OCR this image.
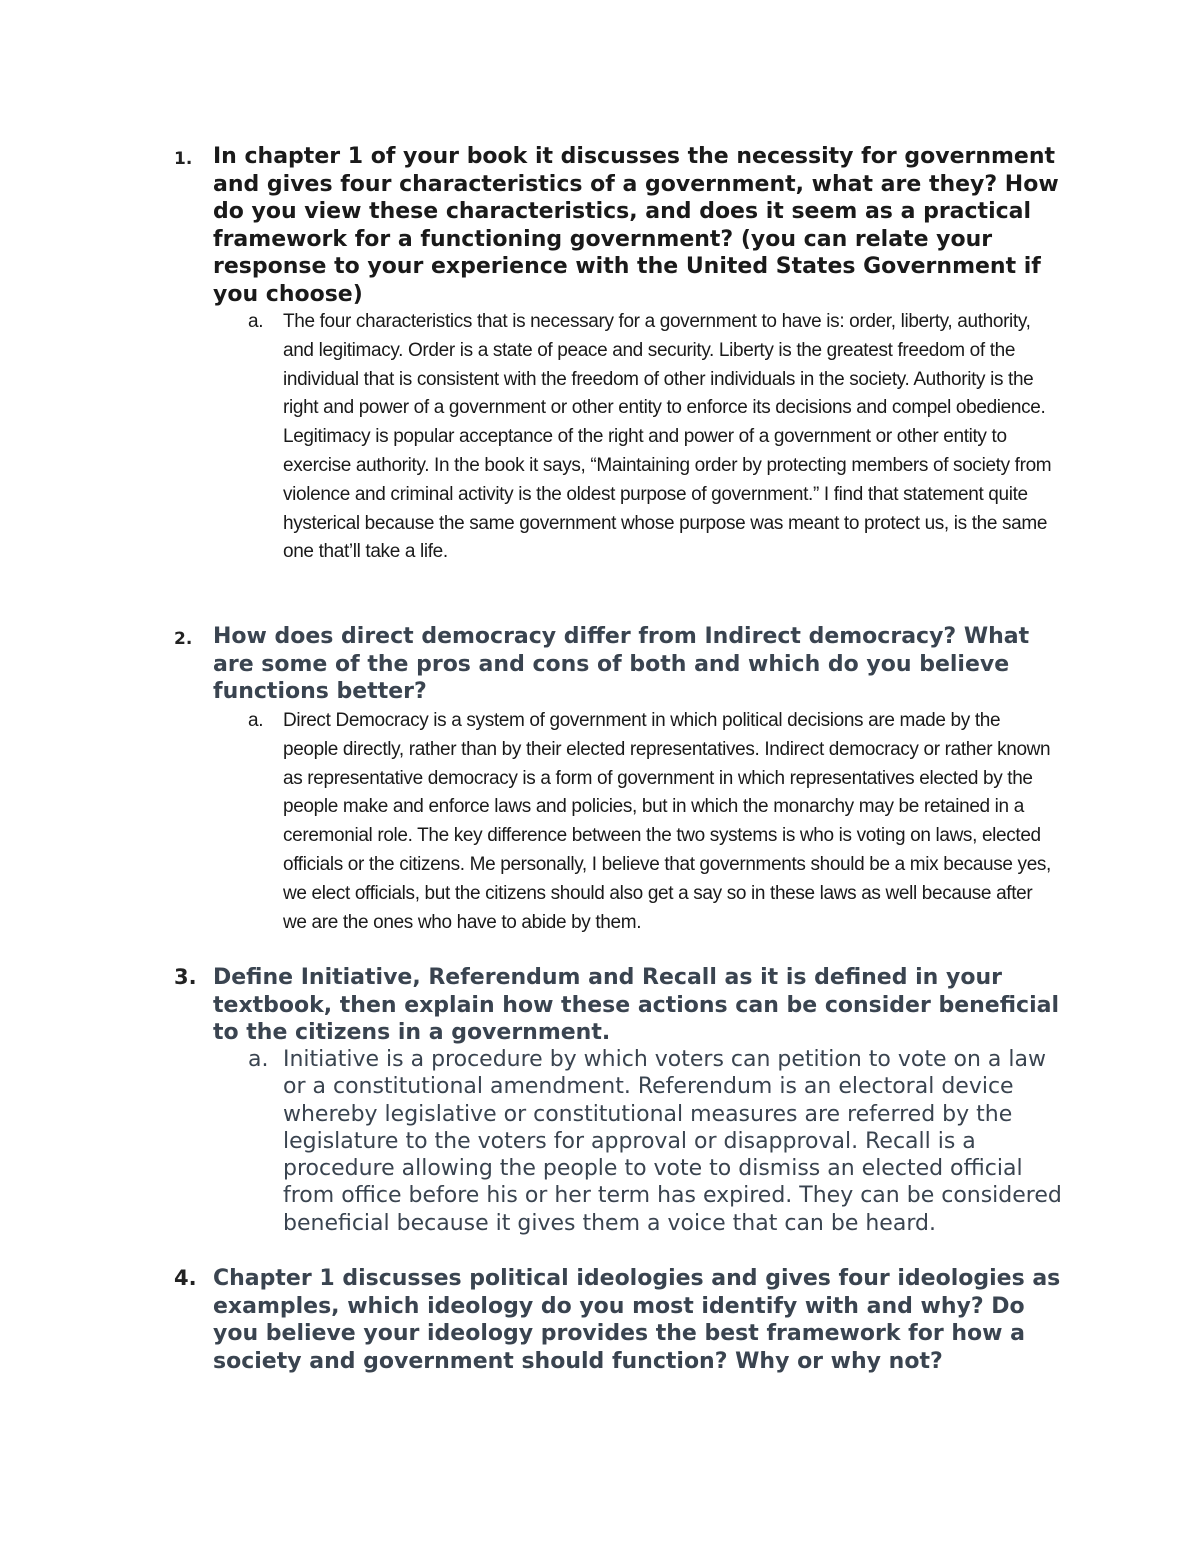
1. In chapter 1 of your book it discusses the necessity for government and gives four characteristics of a government, what are they? How do you view these characteristics, and does it seem as a practical framework for a functioning government? (you can relate your response to your experience with the United States Government if you choose)

a. The four characteristics that is necessary for a government to have is: order, liberty, authority, and legitimacy. Order is a state of peace and security. Liberty is the greatest freedom of the individual that is consistent with the freedom of other individuals in the society. Authority is the right and power of a government or other entity to enforce its decisions and compel obedience. Legitimacy is popular acceptance of the right and power of a government or other entity to exercise authority. In the book it says, “Maintaining order by protecting members of society from violence and criminal activity is the oldest purpose of government.” I find that statement quite hysterical because the same government whose purpose was meant to protect us, is the same one that’ll take a life.

2. How does direct democracy differ from Indirect democracy? What are some of the pros and cons of both and which do you believe functions better?

a. Direct Democracy is a system of government in which political decisions are made by the people directly, rather than by their elected representatives. Indirect democracy or rather known as representative democracy is a form of government in which representatives elected by the people make and enforce laws and policies, but in which the monarchy may be retained in a ceremonial role. The key difference between the two systems is who is voting on laws, elected officials or the citizens. Me personally, I believe that governments should be a mix because yes, we elect officials, but the citizens should also get a say so in these laws as well because after we are the ones who have to abide by them.

3. Define Initiative, Referendum and Recall as it is defined in your textbook, then explain how these actions can be consider beneficial to the citizens in a government.

a. Initiative is a procedure by which voters can petition to vote on a law or a constitutional amendment. Referendum is an electoral device whereby legislative or constitutional measures are referred by the legislature to the voters for approval or disapproval. Recall is a procedure allowing the people to vote to dismiss an elected official from office before his or her term has expired. They can be considered beneficial because it gives them a voice that can be heard.

4. Chapter 1 discusses political ideologies and gives four ideologies as examples, which ideology do you most identify with and why? Do you believe your ideology provides the best framework for how a society and government should function? Why or why not?
